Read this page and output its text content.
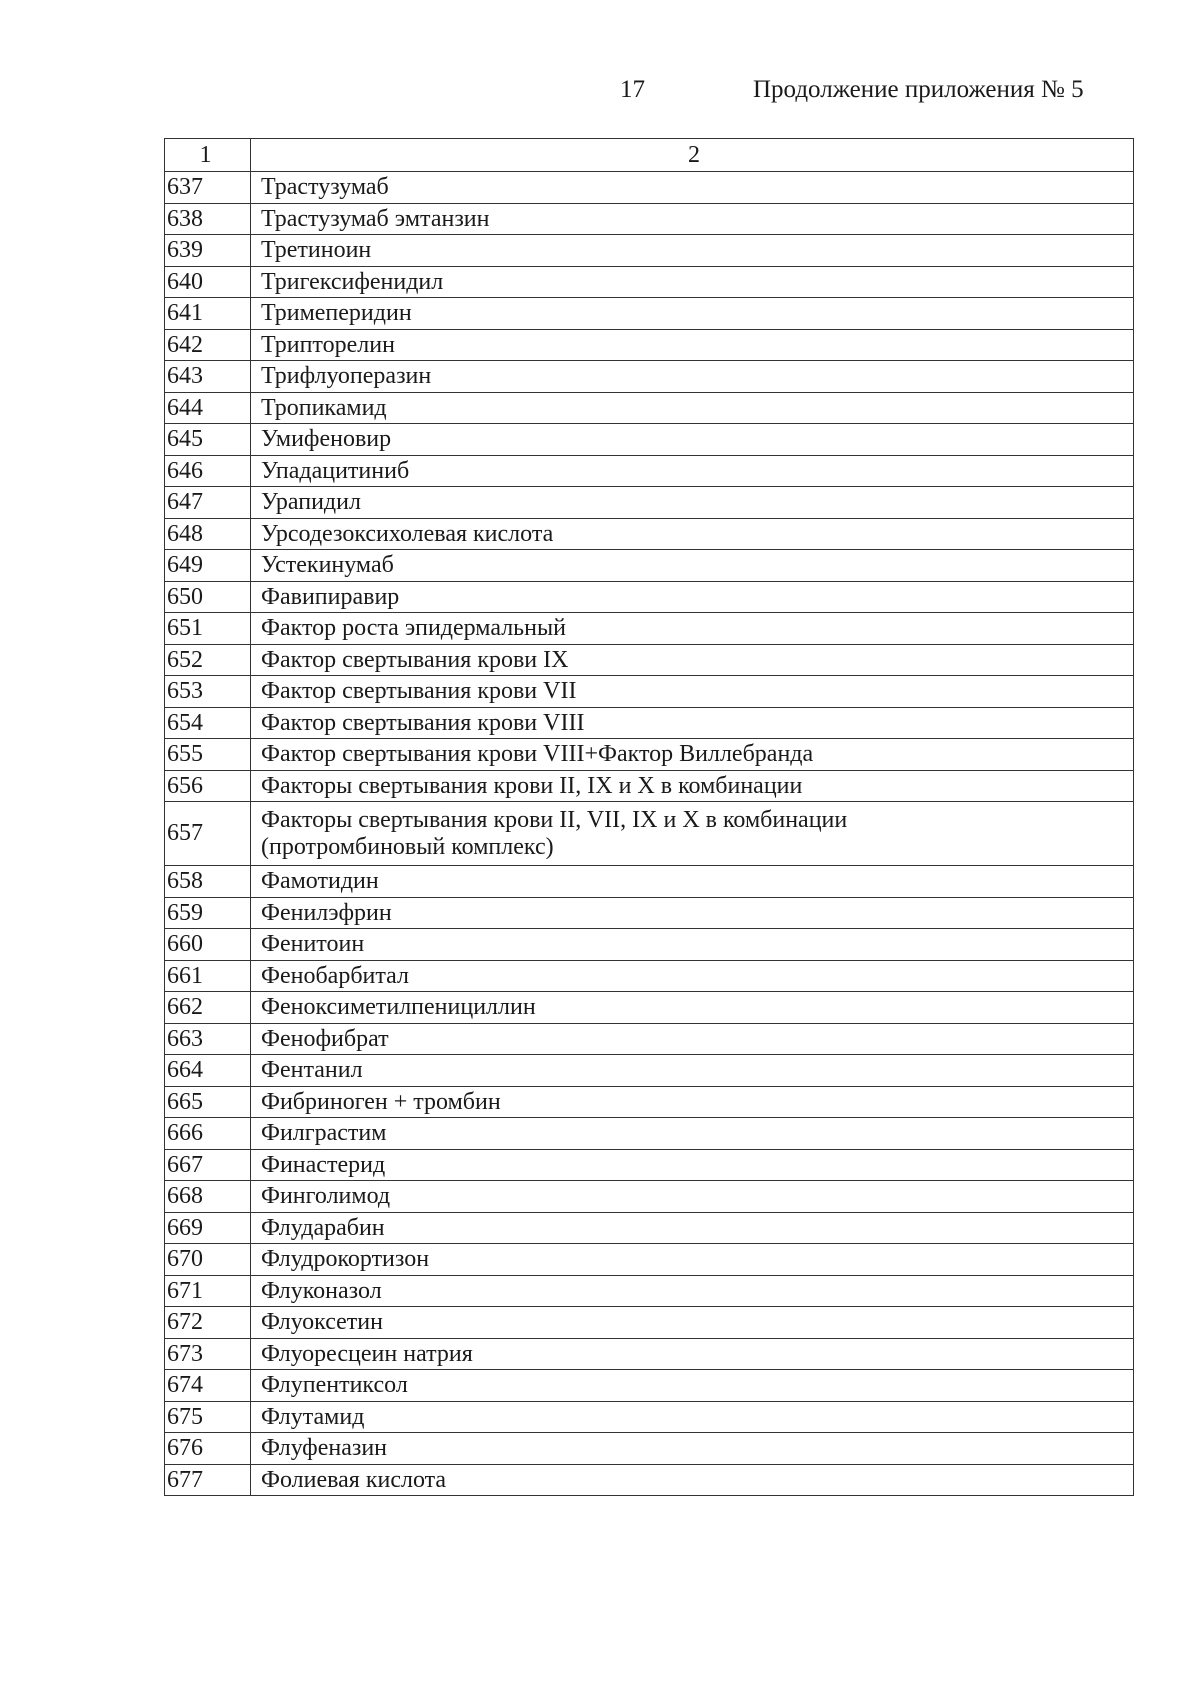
17	Продолжение приложения № 5
1	2
637	Трастузумаб

638	Трастузумаб эмтанзин

639	Третиноин

640	Тригексифенидил

641	Тримеперидин

642	Трипторелин

643	Трифлуоперазин

644	Тропикамид

645	Умифеновир

646	Упадацитиниб

647	Урапидил

648	Урсодезоксихолевая кислота

649	Устекинумаб

650	Фавипиравир

651	Фактор роста эпидермальный

652	Фактор свертывания крови IX

653	Фактор свертывания крови VII

654	Фактор свертывания крови VIII

655	Фактор свертывания крови VIII+Фактор Виллебранда

656	Факторы свертывания крови II, IX и X в комбинации

657	Факторы свертывания крови II, VII, IX и X в комбинации
(протромбиновый комплекс)

658	Фамотидин

659	Фенилэфрин

660	Фенитоин

661	Фенобарбитал

662	Феноксиметилпенициллин

663	Фенофибрат

664	Фентанил

665	Фибриноген + тромбин

666	Филграстим

667	Финастерид

668	Финголимод

669	Флударабин

670	Флудрокортизон

671	Флуконазол

672	Флуоксетин

673	Флуоресцеин натрия

674	Флупентиксол

675	Флутамид

676	Флуфеназин

677	Фолиевая кислота
